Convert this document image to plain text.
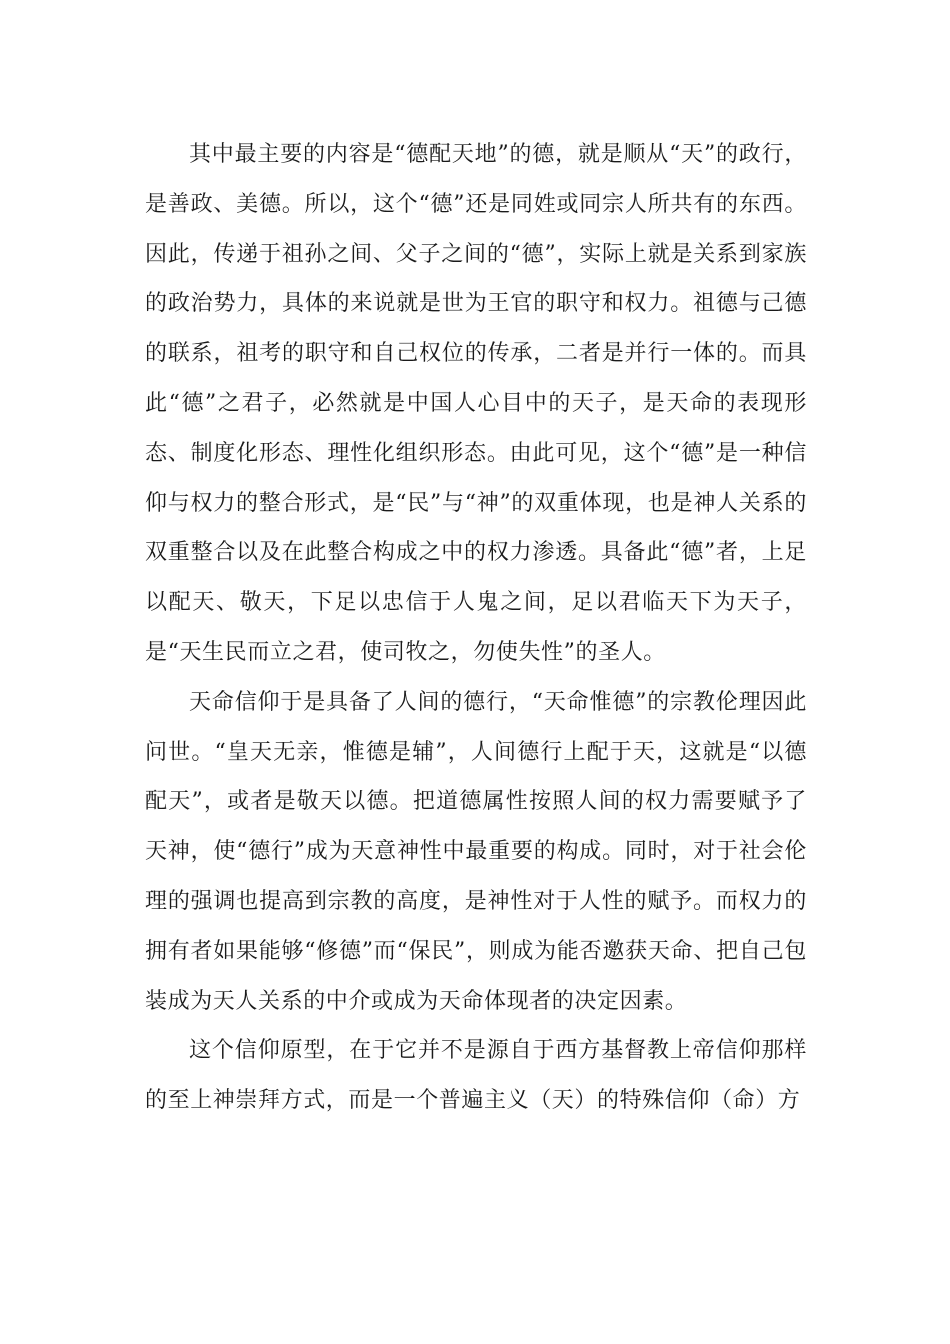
其中最主要的内容是“德配天地”的德，就是顺从“天”的政行，是善政、美德。所以，这个“德”还是同姓或同宗人所共有的东西。因此，传递于祖孙之间、父子之间的“德”，实际上就是关系到家族的政治势力，具体的来说就是世为王官的职守和权力。祖德与己德的联系，祖考的职守和自己权位的传承，二者是并行一体的。而具此“德”之君子，必然就是中国人心目中的天子，是天命的表现形态、制度化形态、理性化组织形态。由此可见，这个“德”是一种信仰与权力的整合形式，是“民”与“神”的双重体现，也是神人关系的双重整合以及在此整合构成之中的权力渗透。具备此“德”者，上足以配天、敬天，下足以忠信于人鬼之间，足以君临天下为天子，是“天生民而立之君，使司牧之，勿使失性”的圣人。

天命信仰于是具备了人间的德行，“天命惟德”的宗教伦理因此问世。“皇天无亲，惟德是辅”，人间德行上配于天，这就是“以德配天”，或者是敬天以德。把道德属性按照人间的权力需要赋予了天神，使“德行”成为天意神性中最重要的构成。同时，对于社会伦理的强调也提高到宗教的高度，是神性对于人性的赋予。而权力的拥有者如果能够“修德”而“保民”，则成为能否邀获天命、把自己包装成为天人关系的中介或成为天命体现者的决定因素。

这个信仰原型，在于它并不是源自于西方基督教上帝信仰那样的至上神崇拜方式，而是一个普遍主义（天）的特殊信仰（命）方
